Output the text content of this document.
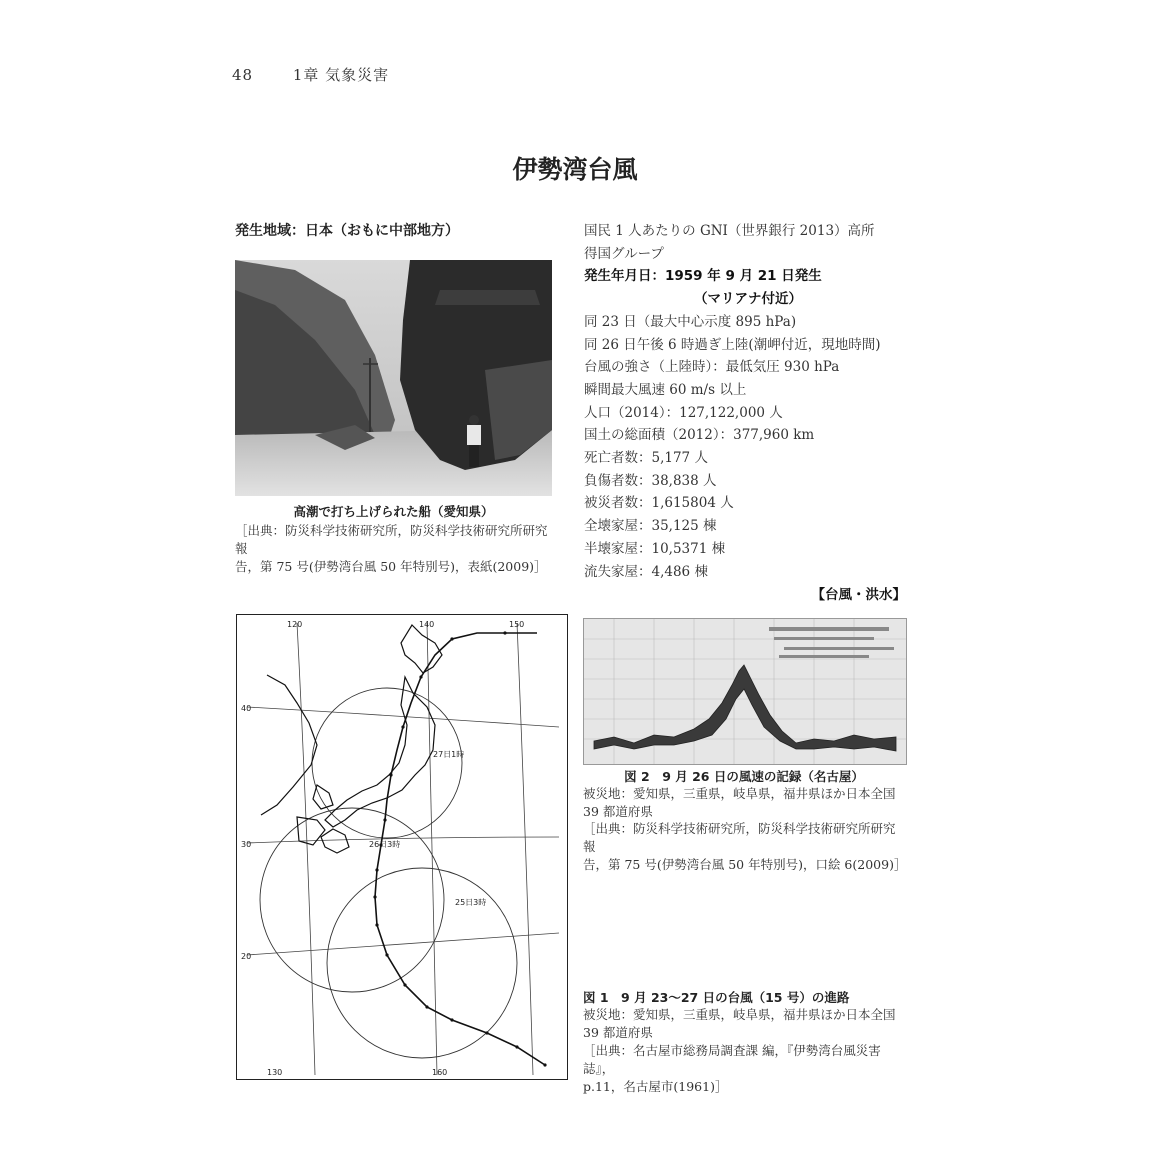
48	1章 気象災害
伊勢湾台風
発生地域：日本（おもに中部地方）
高潮で打ち上げられた船（愛知県）
［出典：防災科学技術研究所，防災科学技術研究所研究報
告，第 75 号(伊勢湾台風 50 年特別号)，表紙(2009)］
国民 1 人あたりの GNI（世界銀行 2013）高所
得国グループ
発生年月日：1959 年 9 月 21 日発生
（マリアナ付近）
同 23 日（最大中心示度 895 hPa)
同 26 日午後 6 時過ぎ上陸(潮岬付近，現地時間)
台風の強さ（上陸時）：最低気圧 930 hPa
瞬間最大風速 60 m/s 以上
人口（2014）：127,122,000 人
国土の総面積（2012）：377,960 km
死亡者数：5,177 人
負傷者数：38,838 人
被災者数：1,615804 人
全壊家屋：35,125 棟
半壊家屋：10,5371 棟
流失家屋：4,486 棟
【台風・洪水】
120	140	150
130	160
40
30
20
27日1時
26日3時
25日3時
図 2　9 月 26 日の風速の記録（名古屋）
被災地：愛知県，三重県，岐阜県，福井県ほか日本全国
39 都道府県
［出典：防災科学技術研究所，防災科学技術研究所研究報
告，第 75 号(伊勢湾台風 50 年特別号)，口絵 6(2009)］
図 1　9 月 23～27 日の台風（15 号）の進路
被災地：愛知県，三重県，岐阜県，福井県ほか日本全国
39 都道府県
［出典：名古屋市総務局調査課 編，『伊勢湾台風災害誌』，
p.11，名古屋市(1961)］
